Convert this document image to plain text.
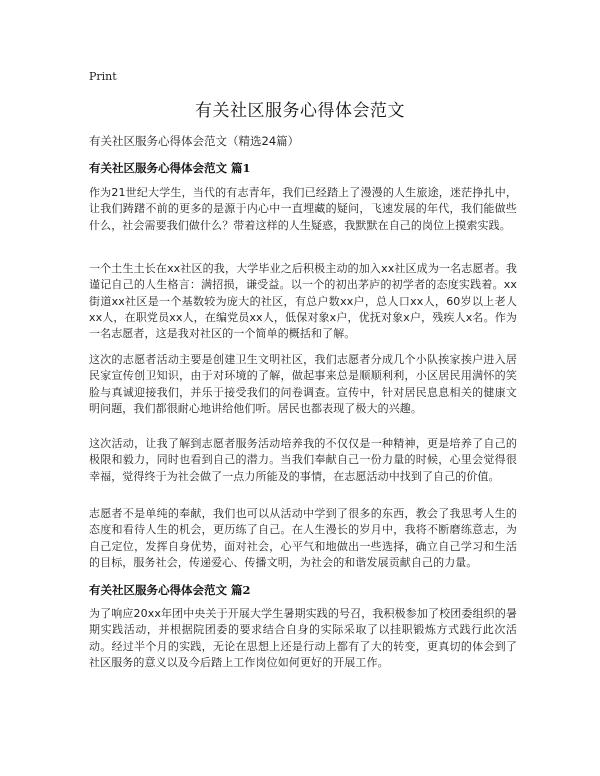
Print
有关社区服务心得体会范文

有关社区服务心得体会范文（精选24篇）

有关社区服务心得体会范文 篇1

作为21世纪大学生，当代的有志青年，我们已经踏上了漫漫的人生旅途，迷茫挣扎中，让我们踌躇不前的更多的是源于内心中一直埋藏的疑问，飞速发展的年代，我们能做些什么，社会需要我们做什么？带着这样的人生疑惑，我默默在自己的岗位上摸索实践。

一个土生土长在xx社区的我，大学毕业之后积极主动的加入xx社区成为一名志愿者。我谨记自己的人生格言：满招损，谦受益。以一个的初出茅庐的初学者的态度实践着。xx街道xx社区是一个基数较为庞大的社区，有总户数xx户，总人口xx人，60岁以上老人xx人，在职党员xx人，在编党员xx人，低保对象x户，优抚对象x户，残疾人x名。作为一名志愿者，这是我对社区的一个简单的概括和了解。

这次的志愿者活动主要是创建卫生文明社区，我们志愿者分成几个小队挨家挨户进入居民家宣传创卫知识，由于对环境的了解，做起事来总是顺顺利利，小区居民用满怀的笑脸与真诚迎接我们，并乐于接受我们的问卷调查。宣传中，针对居民息息相关的健康文明问题，我们都很耐心地讲给他们听。居民也都表现了极大的兴趣。

这次活动，让我了解到志愿者服务活动培养我的不仅仅是一种精神，更是培养了自己的极限和毅力，同时也看到自己的潜力。当我们奉献自己一份力量的时候，心里会觉得很幸福，觉得终于为社会做了一点力所能及的事情，在志愿活动中找到了自己的价值。

志愿者不是单纯的奉献，我们也可以从活动中学到了很多的东西，教会了我思考人生的态度和看待人生的机会，更历练了自己。在人生漫长的岁月中，我将不断磨练意志，为自己定位，发挥自身优势，面对社会，心平气和地做出一些选择，确立自己学习和生活的目标，服务社会，传递爱心、传播文明，为社会的和谐发展贡献自己的力量。

有关社区服务心得体会范文 篇2

为了响应20xx年团中央关于开展大学生暑期实践的号召，我积极参加了校团委组织的暑期实践活动，并根据院团委的要求结合自身的实际采取了以挂职锻炼方式践行此次活动。经过半个月的实践，无论在思想上还是行动上都有了大的转变，更真切的体会到了社区服务的意义以及今后踏上工作岗位如何更好的开展工作。
